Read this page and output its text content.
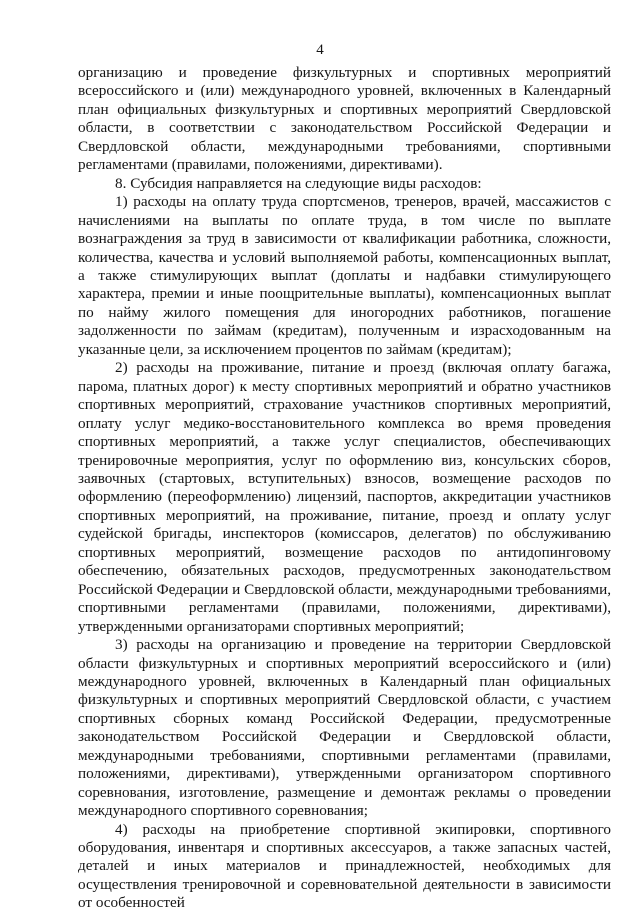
4

организацию и проведение физкультурных и спортивных мероприятий всероссийского и (или) международного уровней, включенных в Календарный план официальных физкультурных и спортивных мероприятий Свердловской области, в соответствии с законодательством Российской Федерации и Свердловской области, международными требованиями, спортивными регламентами (правилами, положениями, директивами).

8. Субсидия направляется на следующие виды расходов:

1) расходы на оплату труда спортсменов, тренеров, врачей, массажистов с начислениями на выплаты по оплате труда, в том числе по выплате вознаграждения за труд в зависимости от квалификации работника, сложности, количества, качества и условий выполняемой работы, компенсационных выплат, а также стимулирующих выплат (доплаты и надбавки стимулирующего характера, премии и иные поощрительные выплаты), компенсационных выплат по найму жилого помещения для иногородних работников, погашение задолженности по займам (кредитам), полученным и израсходованным на указанные цели, за исключением процентов по займам (кредитам);

2) расходы на проживание, питание и проезд (включая оплату багажа, парома, платных дорог) к месту спортивных мероприятий и обратно участников спортивных мероприятий, страхование участников спортивных мероприятий, оплату услуг медико-восстановительного комплекса во время проведения спортивных мероприятий, а также услуг специалистов, обеспечивающих тренировочные мероприятия, услуг по оформлению виз, консульских сборов, заявочных (стартовых, вступительных) взносов, возмещение расходов по оформлению (переоформлению) лицензий, паспортов, аккредитации участников спортивных мероприятий, на проживание, питание, проезд и оплату услуг судейской бригады, инспекторов (комиссаров, делегатов) по обслуживанию спортивных мероприятий, возмещение расходов по антидопинговому обеспечению, обязательных расходов, предусмотренных законодательством Российской Федерации и Свердловской области, международными требованиями, спортивными регламентами (правилами, положениями, директивами), утвержденными организаторами спортивных мероприятий;

3) расходы на организацию и проведение на территории Свердловской области физкультурных и спортивных мероприятий всероссийского и (или) международного уровней, включенных в Календарный план официальных физкультурных и спортивных мероприятий Свердловской области, с участием спортивных сборных команд Российской Федерации, предусмотренные законодательством Российской Федерации и Свердловской области, международными требованиями, спортивными регламентами (правилами, положениями, директивами), утвержденными организатором спортивного соревнования, изготовление, размещение и демонтаж рекламы о проведении международного спортивного соревнования;

4) расходы на приобретение спортивной экипировки, спортивного оборудования, инвентаря и спортивных аксессуаров, а также запасных частей, деталей и иных материалов и принадлежностей, необходимых для осуществления тренировочной и соревновательной деятельности в зависимости от особенностей
